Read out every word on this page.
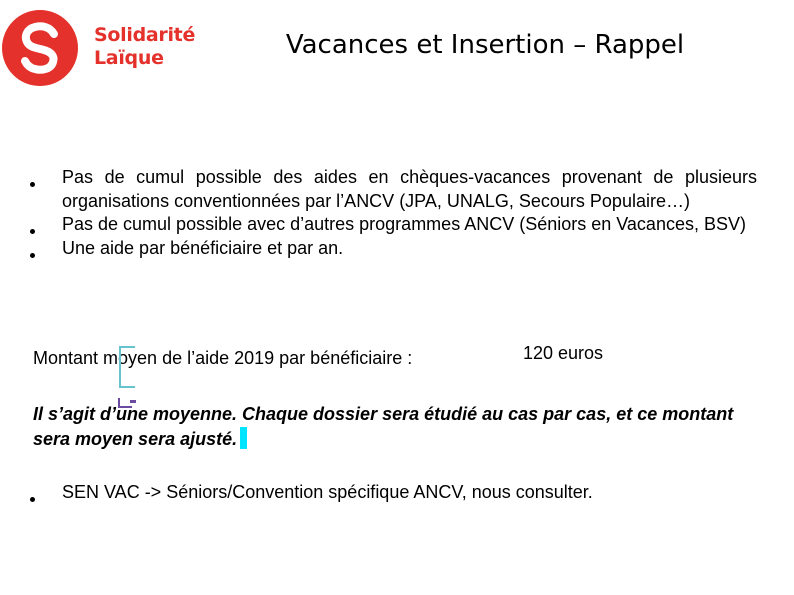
Solidarité
Laïque	Vacances et Insertion – Rappel
Pas de cumul possible des aides en chèques-vacances provenant de plusieurs organisations conventionnées par l’ANCV (JPA, UNALG, Secours Populaire…)
Pas de cumul possible avec d’autres programmes ANCV (Séniors en Vacances, BSV)
Une aide par bénéficiaire et par an.
Montant moyen de l’aide 2019 par bénéficiaire :	120 euros
Il s’agit d’une moyenne. Chaque dossier sera étudié au cas par cas, et ce montant sera moyen sera ajusté.
SEN VAC -> Séniors/Convention spécifique ANCV, nous consulter.
